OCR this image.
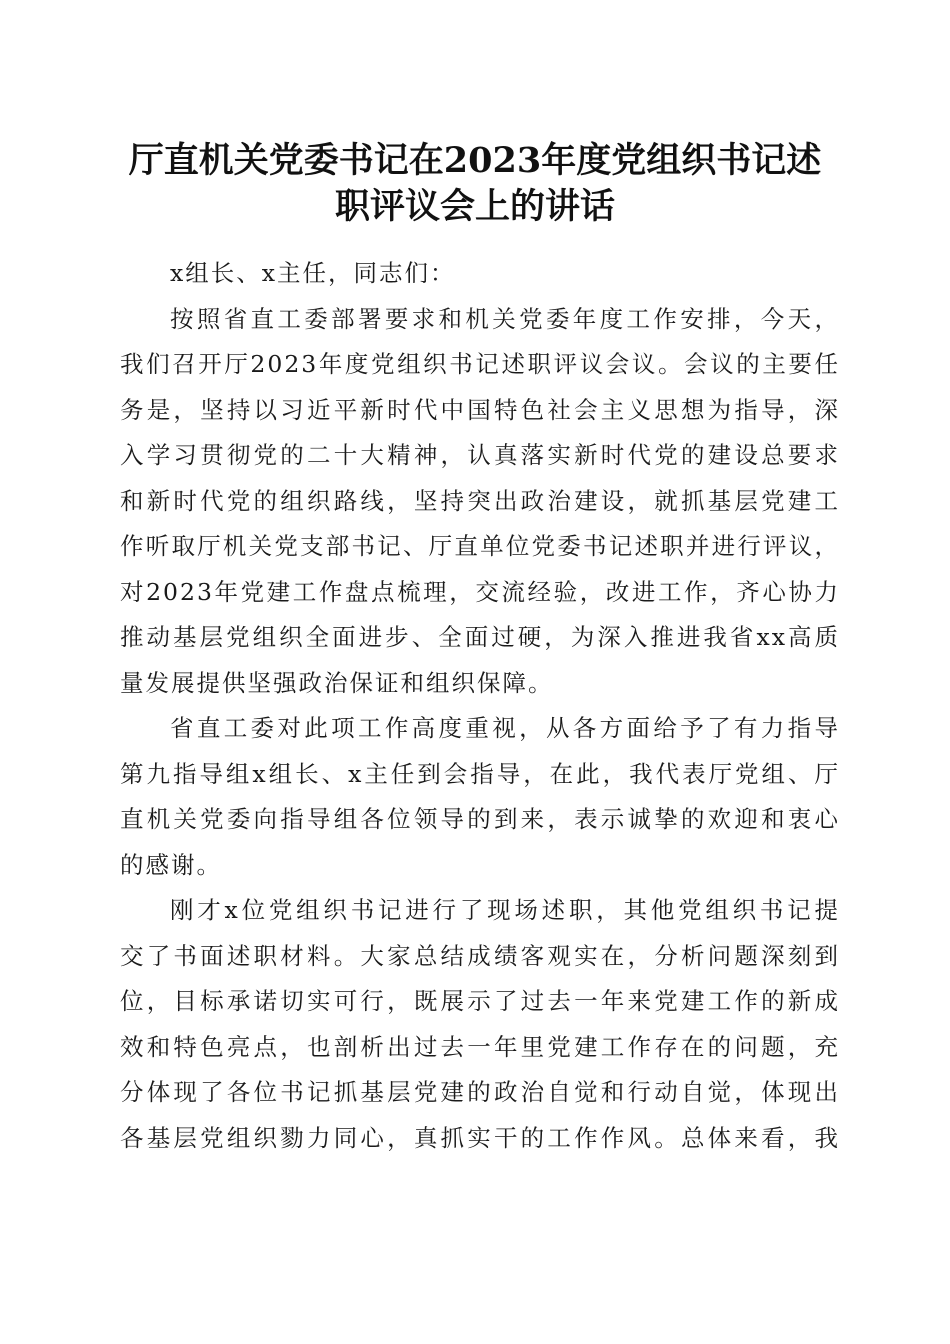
厅直机关党委书记在2023年度党组织书记述
职评议会上的讲话
x组长、x主任，同志们：
按照省直工委部署要求和机关党委年度工作安排，今天，
我们召开厅2023年度党组织书记述职评议会议。会议的主要任
务是，坚持以习近平新时代中国特色社会主义思想为指导，深
入学习贯彻党的二十大精神，认真落实新时代党的建设总要求
和新时代党的组织路线，坚持突出政治建设，就抓基层党建工
作听取厅机关党支部书记、厅直单位党委书记述职并进行评议，
对2023年党建工作盘点梳理，交流经验，改进工作，齐心协力
推动基层党组织全面进步、全面过硬，为深入推进我省xx高质
量发展提供坚强政治保证和组织保障。
省直工委对此项工作高度重视，从各方面给予了有力指导
第九指导组x组长、x主任到会指导，在此，我代表厅党组、厅
直机关党委向指导组各位领导的到来，表示诚挚的欢迎和衷心
的感谢。
刚才x位党组织书记进行了现场述职，其他党组织书记提
交了书面述职材料。大家总结成绩客观实在，分析问题深刻到
位，目标承诺切实可行，既展示了过去一年来党建工作的新成
效和特色亮点，也剖析出过去一年里党建工作存在的问题，充
分体现了各位书记抓基层党建的政治自觉和行动自觉，体现出
各基层党组织勠力同心，真抓实干的工作作风。总体来看，我
